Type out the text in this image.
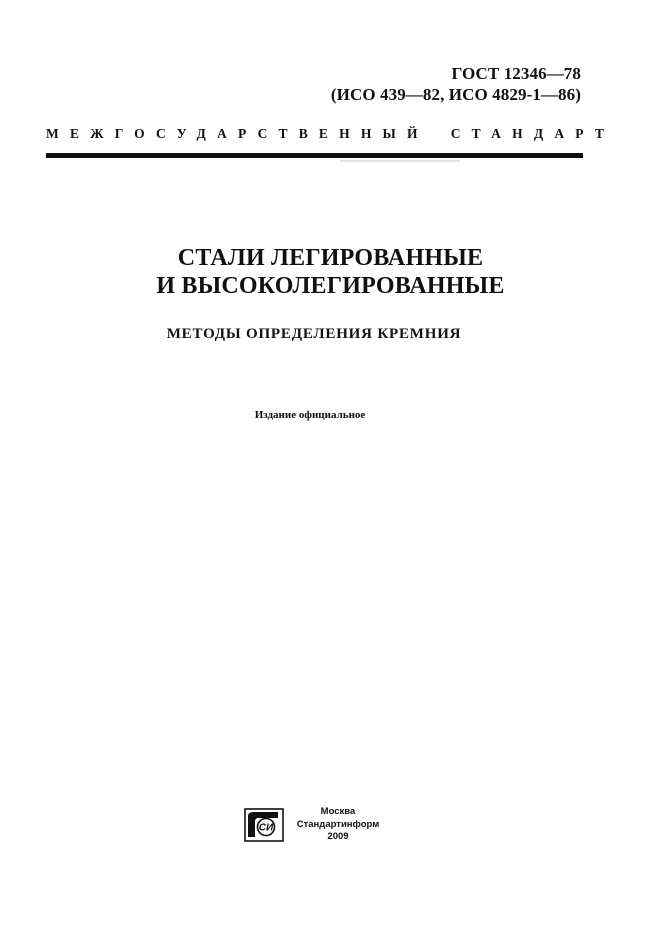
ГОСТ 12346—78
(ИСО 439—82, ИСО 4829-1—86)
МЕЖГОСУДАРСТВЕННЫЙ СТАНДАРТ
СТАЛИ ЛЕГИРОВАННЫЕ
И ВЫСОКОЛЕГИРОВАННЫЕ
МЕТОДЫ ОПРЕДЕЛЕНИЯ КРЕМНИЯ
Издание официальное
СИ
Москва
Стандартинформ
2009
